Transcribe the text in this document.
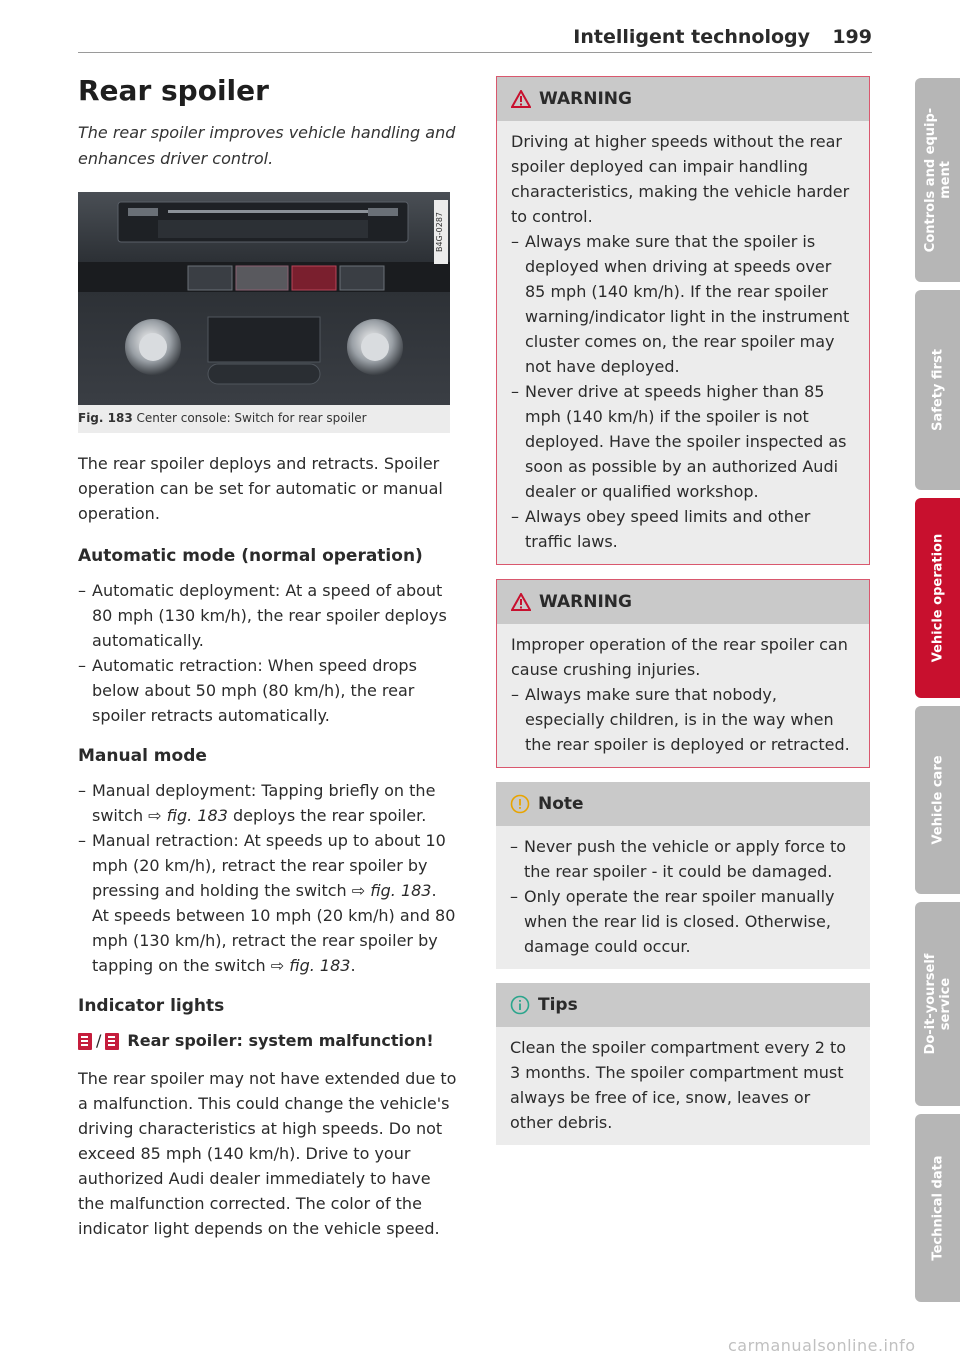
Intelligent technology 199
Rear spoiler

The rear spoiler improves vehicle handling and enhances driver control.

B4G-0287
Fig. 183 Center console: Switch for rear spoiler

The rear spoiler deploys and retracts. Spoiler operation can be set for automatic or manual operation.

Automatic mode (normal operation)
– Automatic deployment: At a speed of about 80 mph (130 km/h), the rear spoiler deploys automatically.
– Automatic retraction: When speed drops below about 50 mph (80 km/h), the rear spoiler retracts automatically.
Manual mode
– Manual deployment: Tapping briefly on the switch ⇨ fig. 183 deploys the rear spoiler.
– Manual retraction: At speeds up to about 10 mph (20 km/h), retract the rear spoiler by pressing and holding the switch ⇨ fig. 183. At speeds between 10 mph (20 km/h) and 80 mph (130 km/h), retract the rear spoiler by tapping on the switch ⇨ fig. 183.
Indicator lights
/ Rear spoiler: system malfunction!

The rear spoiler may not have extended due to a malfunction. This could change the vehicle's driving characteristics at high speeds. Do not exceed 85 mph (140 km/h). Drive to your authorized Audi dealer immediately to have the malfunction corrected. The color of the indicator light depends on the vehicle speed.

WARNING

Driving at higher speeds without the rear spoiler deployed can impair handling characteristics, making the vehicle harder to control.

– Always make sure that the spoiler is deployed when driving at speeds over 85 mph (140 km/h). If the rear spoiler warning/indicator light in the instrument cluster comes on, the rear spoiler may not have deployed.
– Never drive at speeds higher than 85 mph (140 km/h) if the spoiler is not deployed. Have the spoiler inspected as soon as possible by an authorized Audi dealer or qualified workshop.
– Always obey speed limits and other traffic laws.
WARNING

Improper operation of the rear spoiler can cause crushing injuries.

– Always make sure that nobody, especially children, is in the way when the rear spoiler is deployed or retracted.
Note
– Never push the vehicle or apply force to the rear spoiler - it could be damaged.
– Only operate the rear spoiler manually when the rear lid is closed. Otherwise, damage could occur.
Tips

Clean the spoiler compartment every 2 to 3 months. The spoiler compartment must always be free of ice, snow, leaves or other debris.

Controls and equip-
ment
Safety first
Vehicle operation
Vehicle care
Do-it-yourself
service
Technical data
carmanualsonline.info
